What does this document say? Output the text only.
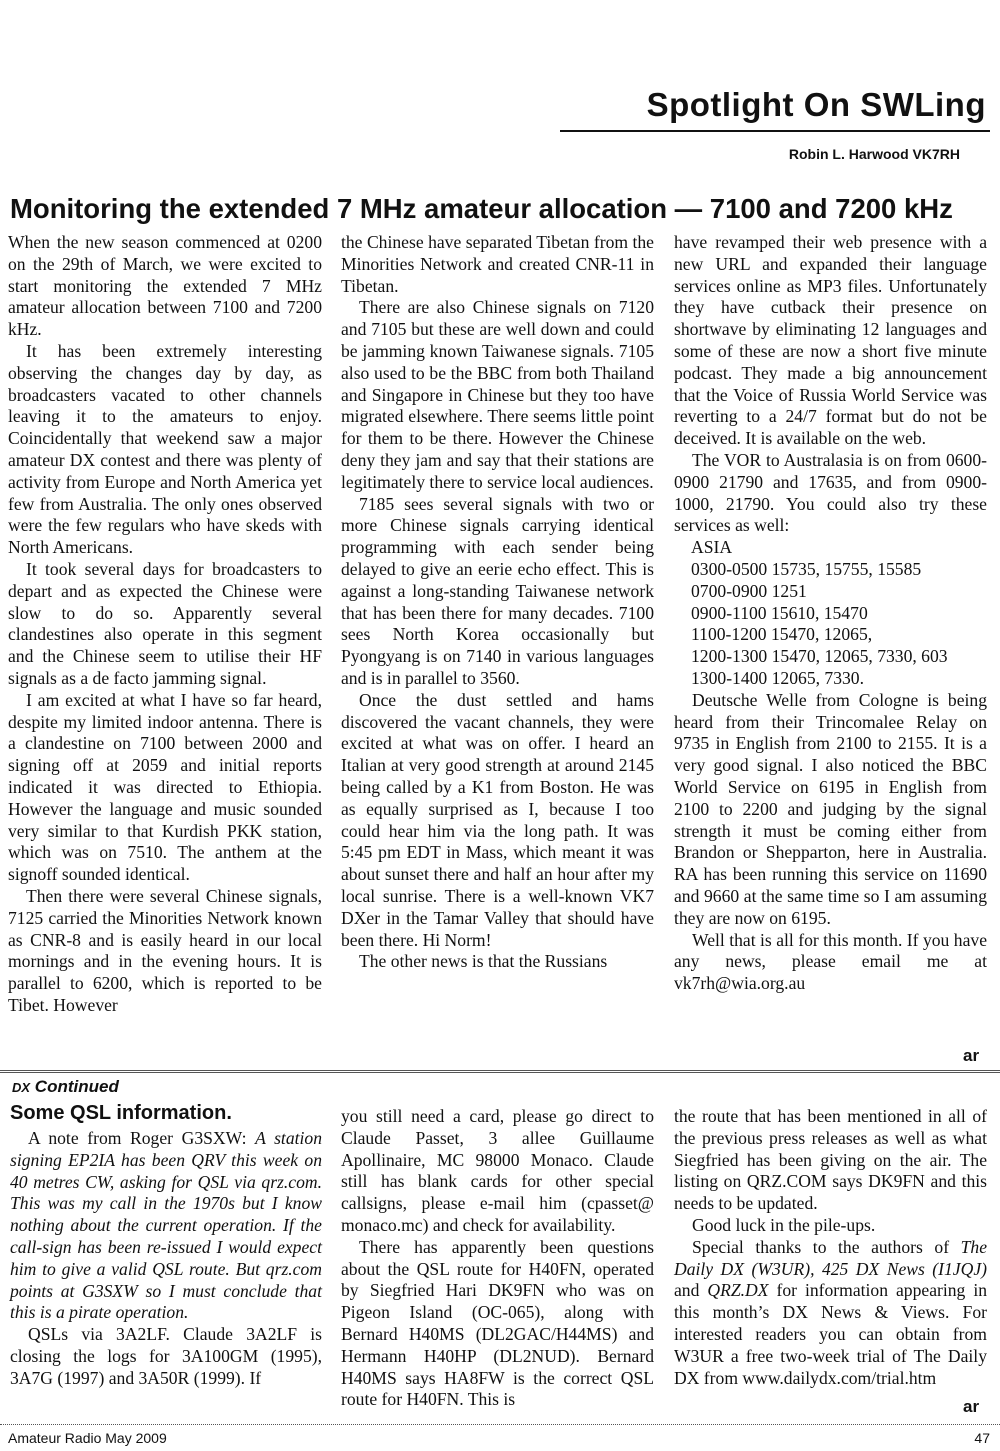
Spotlight On SWLing
Robin L. Harwood VK7RH
Monitoring the extended 7 MHz amateur allocation — 7100 and 7200 kHz

When the new season commenced at 0200 on the 29th of March, we were excited to start monitoring the extended 7 MHz amateur allocation between 7100 and 7200 kHz.

It has been extremely interesting observing the changes day by day, as broadcasters vacated to other channels leaving it to the amateurs to enjoy. Coincidentally that weekend saw a major amateur DX contest and there was plenty of activity from Europe and North America yet few from Australia. The only ones observed were the few regulars who have skeds with North Americans.

It took several days for broadcasters to depart and as expected the Chinese were slow to do so. Apparently several clandestines also operate in this segment and the Chinese seem to utilise their HF signals as a de facto jamming signal.

I am excited at what I have so far heard, despite my limited indoor antenna. There is a clandestine on 7100 between 2000 and signing off at 2059 and initial reports indicated it was directed to Ethiopia. However the language and music sounded very similar to that Kurdish PKK station, which was on 7510. The anthem at the signoff sounded identical.

Then there were several Chinese signals, 7125 carried the Minorities Network known as CNR-8 and is easily heard in our local mornings and in the evening hours. It is parallel to 6200, which is reported to be Tibet. However

the Chinese have separated Tibetan from the Minorities Network and created CNR-11 in Tibetan.

There are also Chinese signals on 7120 and 7105 but these are well down and could be jamming known Taiwanese signals. 7105 also used to be the BBC from both Thailand and Singapore in Chinese but they too have migrated elsewhere. There seems little point for them to be there. However the Chinese deny they jam and say that their stations are legitimately there to service local audiences.

7185 sees several signals with two or more Chinese signals carrying identical programming with each sender being delayed to give an eerie echo effect. This is against a long-standing Taiwanese network that has been there for many decades. 7100 sees North Korea occasionally but Pyongyang is on 7140 in various languages and is in parallel to 3560.

Once the dust settled and hams discovered the vacant channels, they were excited at what was on offer. I heard an Italian at very good strength at around 2145 being called by a K1 from Boston. He was as equally surprised as I, because I too could hear him via the long path. It was 5:45 pm EDT in Mass, which meant it was about sunset there and half an hour after my local sunrise. There is a well-known VK7 DXer in the Tamar Valley that should have been there. Hi Norm!

The other news is that the Russians

have revamped their web presence with a new URL and expanded their language services online as MP3 files. Unfortunately they have cutback their presence on shortwave by eliminating 12 languages and some of these are now a short five minute podcast. They made a big announcement that the Voice of Russia World Service was reverting to a 24/7 format but do not be deceived. It is available on the web.

The VOR to Australasia is on from 0600-0900 21790 and 17635, and from 0900-1000, 21790. You could also try these services as well:

ASIA
0300-0500 15735, 15755, 15585
0700-0900 1251
0900-1100 15610, 15470
1100-1200 15470, 12065,
1200-1300 15470, 12065, 7330, 603
1300-1400 12065, 7330.

Deutsche Welle from Cologne is being heard from their Trincomalee Relay on 9735 in English from 2100 to 2155. It is a very good signal. I also noticed the BBC World Service on 6195 in English from 2100 to 2200 and judging by the signal strength it must be coming either from Brandon or Shepparton, here in Australia. RA has been running this service on 11690 and 9660 at the same time so I am assuming they are now on 6195.

Well that is all for this month. If you have any news, please email me at vk7rh@wia.org.au

ar
DX Continued
Some QSL information.

A note from Roger G3SXW: A station signing EP2IA has been QRV this week on 40 metres CW, asking for QSL via qrz.com. This was my call in the 1970s but I know nothing about the current operation. If the call-sign has been re-issued I would expect him to give a valid QSL route. But qrz.com points at G3SXW so I must conclude that this is a pirate operation.

QSLs via 3A2LF. Claude 3A2LF is closing the logs for 3A100GM (1995), 3A7G (1997) and 3A50R (1999). If

you still need a card, please go direct to Claude Passet, 3 allee Guillaume Apollinaire, MC 98000 Monaco. Claude still has blank cards for other special callsigns, please e-mail him (cpasset@ monaco.mc) and check for availability.

There has apparently been questions about the QSL route for H40FN, operated by Siegfried Hari DK9FN who was on Pigeon Island (OC-065), along with Bernard H40MS (DL2GAC/H44MS) and Hermann H40HP (DL2NUD). Bernard H40MS says HA8FW is the correct QSL route for H40FN. This is

the route that has been mentioned in all of the previous press releases as well as what Siegfried has been giving on the air. The listing on QRZ.COM says DK9FN and this needs to be updated.

Good luck in the pile-ups.

Special thanks to the authors of The Daily DX (W3UR), 425 DX News (I1JQJ) and QRZ.DX for information appearing in this month’s DX News & Views. For interested readers you can obtain from W3UR a free two-week trial of The Daily DX from www.dailydx.com/trial.htm

ar
Amateur Radio May 2009	47
